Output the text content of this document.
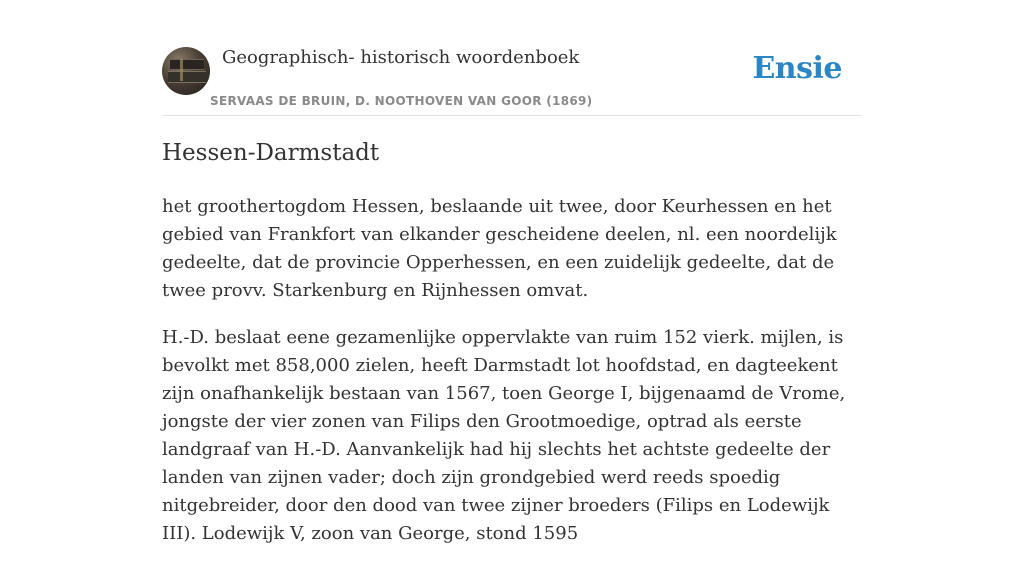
Geographisch- historisch woordenboek
SERVAAS DE BRUIN, D. NOOTHOVEN VAN GOOR (1869)
Ensie
Hessen-Darmstadt

het groothertogdom Hessen, beslaande uit twee, door Keurhessen en het gebied van Frankfort van elkander gescheidene deelen, nl. een noordelijk gedeelte, dat de provincie Opperhessen, en een zuidelijk gedeelte, dat de twee provv. Starkenburg en Rijnhessen omvat.

H.-D. beslaat eene gezamenlijke oppervlakte van ruim 152 vierk. mijlen, is bevolkt met 858,000 zielen, heeft Darmstadt lot hoofdstad, en dagteekent zijn onafhankelijk bestaan van 1567, toen George I, bijgenaamd de Vrome, jongste der vier zonen van Filips den Grootmoedige, optrad als eerste landgraaf van H.-D. Aanvankelijk had hij slechts het achtste gedeelte der landen van zijnen vader; doch zijn grondgebied werd reeds spoedig nitgebreider, door den dood van twee zijner broeders (Filips en Lodewijk III). Lodewijk V, zoon van George, stond 1595
